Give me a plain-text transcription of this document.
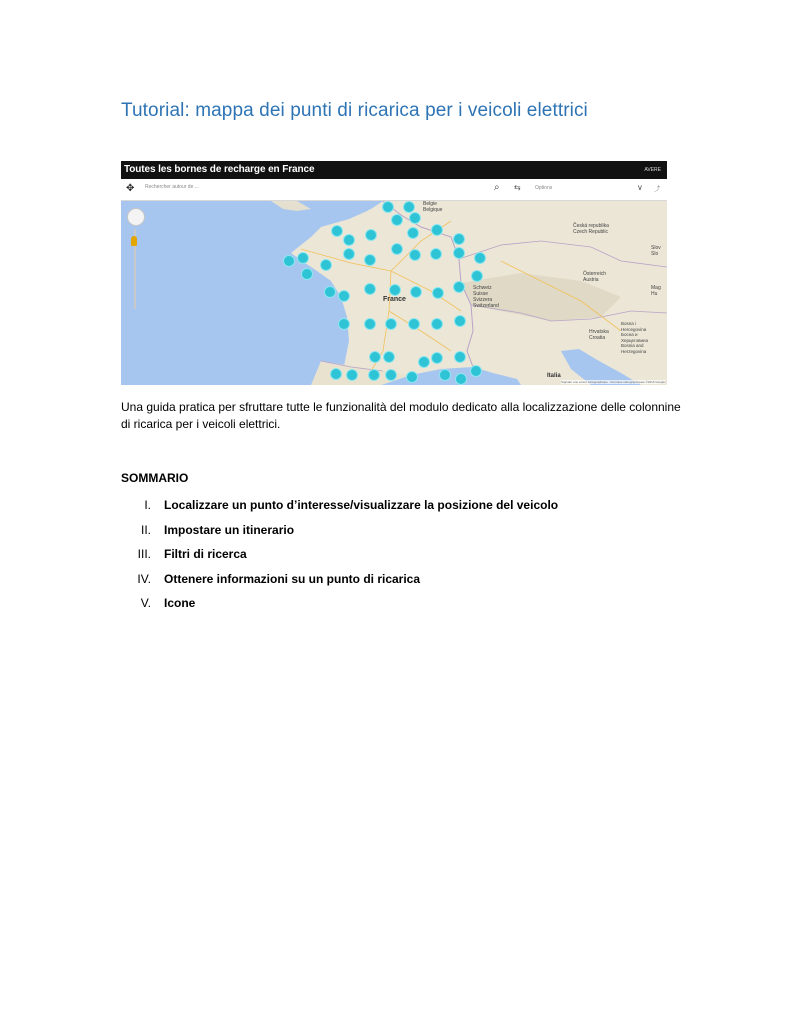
Tutorial: mappa dei punti di ricarica per i veicoli elettrici
Toutes les bornes de recharge en France	AVERE
✥ Rechercher autour de ...	⌕ ⇆	Options	∨ ⤴
France
Belgie
Belgique
Česká republika
Czech Republic
Österreich
Austria
Schweiz
Suisse
Svizzera
Switzerland
Hrvatska
Croatia
Bosna i
Hercegovina
Босна и
Херцеговина
Bosnia and
Herzegovina
Italia
Slov
Slo
Mag
Hu
Signaler une erreur cartographique · Données cartographiques ©2015 Google

Una guida pratica per sfruttare tutte le funzionalità del modulo dedicato alla localizzazione delle colonnine di ricarica per i veicoli elettrici.

SOMMARIO

I. Localizzare un punto d’interesse/visualizzare la posizione del veicolo
II. Impostare un itinerario
III. Filtri di ricerca
IV. Ottenere informazioni su un punto di ricarica
V. Icone
